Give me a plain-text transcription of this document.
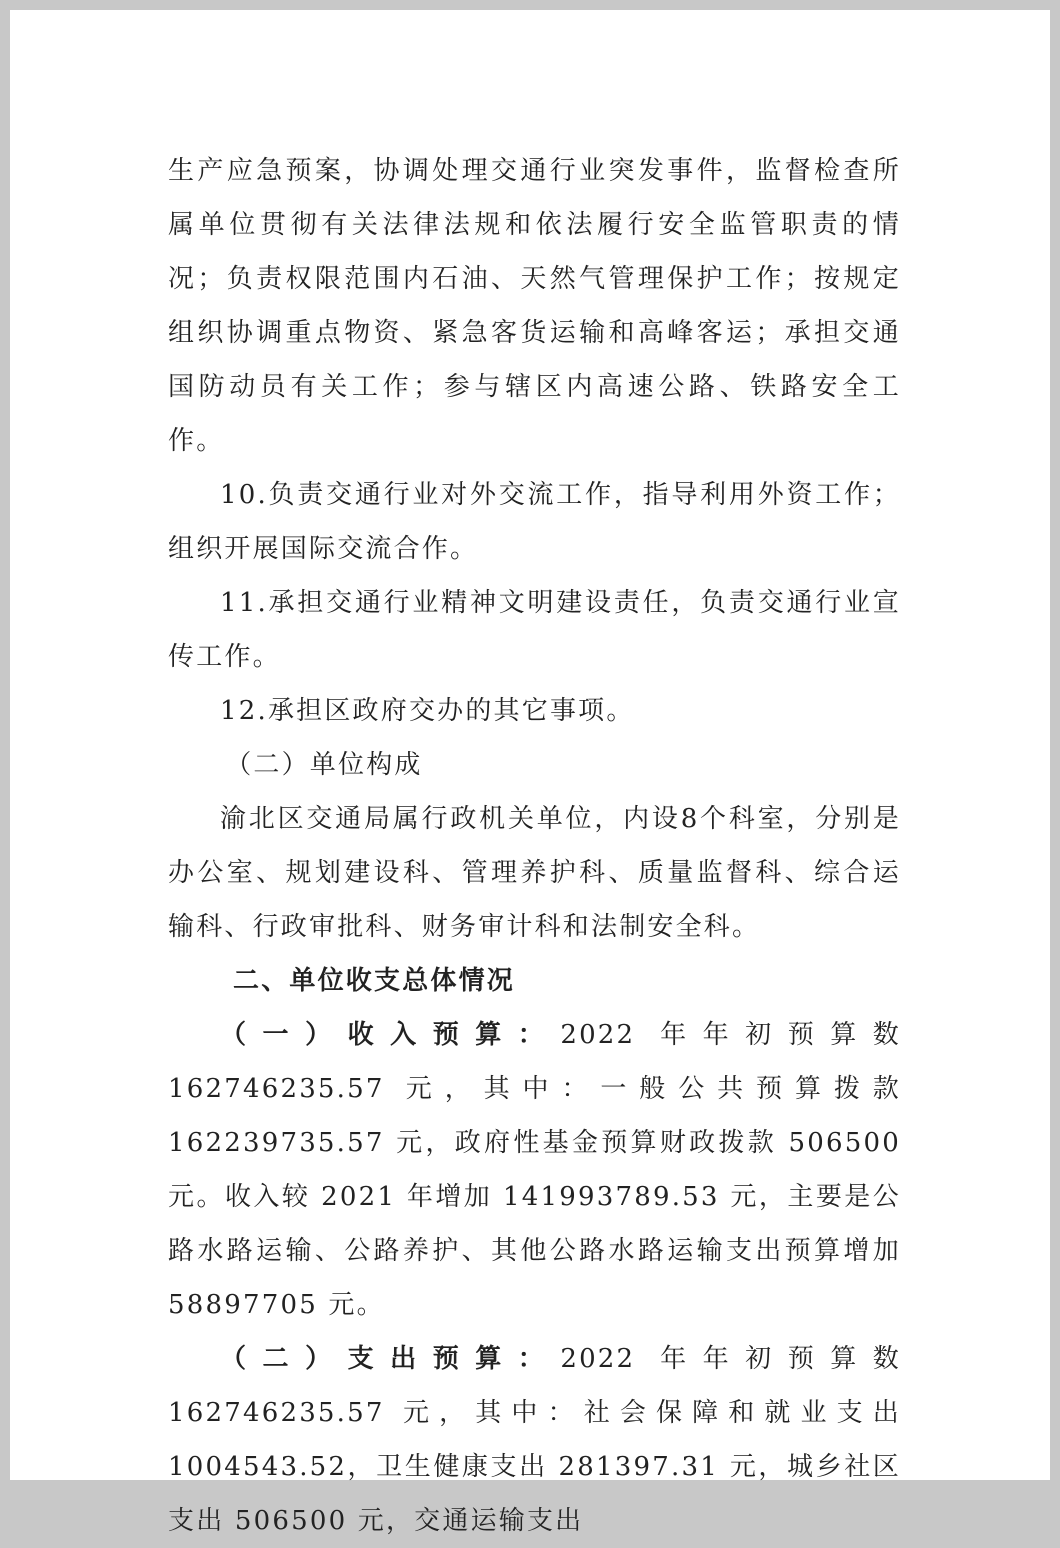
生产应急预案，协调处理交通行业突发事件，监督检查所属单位贯彻有关法律法规和依法履行安全监管职责的情况；负责权限范围内石油、天然气管理保护工作；按规定组织协调重点物资、紧急客货运输和高峰客运；承担交通国防动员有关工作；参与辖区内高速公路、铁路安全工作。

10.负责交通行业对外交流工作，指导利用外资工作；组织开展国际交流合作。

11.承担交通行业精神文明建设责任，负责交通行业宣传工作。

12.承担区政府交办的其它事项。

（二）单位构成

渝北区交通局属行政机关单位，内设8个科室，分别是办公室、规划建设科、管理养护科、质量监督科、综合运输科、行政审批科、财务审计科和法制安全科。

二、单位收支总体情况

（一）收入预算：2022 年年初预算数 162746235.57 元，其中：一般公共预算拨款 162239735.57 元，政府性基金预算财政拨款 506500 元。收入较 2021 年增加 141993789.53 元，主要是公路水路运输、公路养护、其他公路水路运输支出预算增加 58897705 元。

（二）支出预算：2022 年年初预算数 162746235.57 元，其中：社会保障和就业支出 1004543.52，卫生健康支出 281397.31 元，城乡社区支出 506500 元，交通运输支出
